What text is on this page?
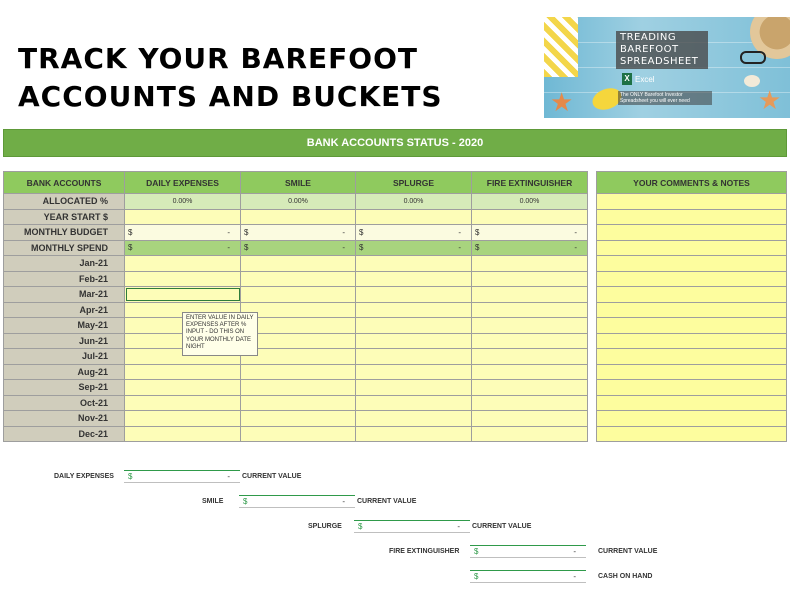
TRACK YOUR BAREFOOT
ACCOUNTS AND BUCKETS	★	★
TREADING
BAREFOOT
SPREADSHEET
X Excel
The ONLY Barefoot Investor Spreadsheet you will ever need
BANK ACCOUNTS STATUS - 2020
BANK ACCOUNTS	DAILY EXPENSES	SMILE	SPLURGE	FIRE EXTINGUISHER
ALLOCATED %	0.00%	0.00%	0.00%	0.00%
YEAR START $				
MONTHLY BUDGET	$ -	$ -	$ -	$ -

MONTHLY SPEND	$ -	$ -	$ -	$ -

Jan-21				
Feb-21				
Mar-21				
Apr-21				
May-21				
Jun-21				
Jul-21				
Aug-21				
Sep-21				
Oct-21				
Nov-21				
Dec-21				
YOUR COMMENTS & NOTES

ENTER VALUE IN DAILY EXPENSES AFTER % INPUT - DO THIS ON YOUR MONTHLY DATE NIGHT
DAILY EXPENSES $	- CURRENT VALUE
SMILE $	- CURRENT VALUE
SPLURGE $	- CURRENT VALUE
FIRE EXTINGUISHER $	-	CURRENT VALUE
$	-	CASH ON HAND
